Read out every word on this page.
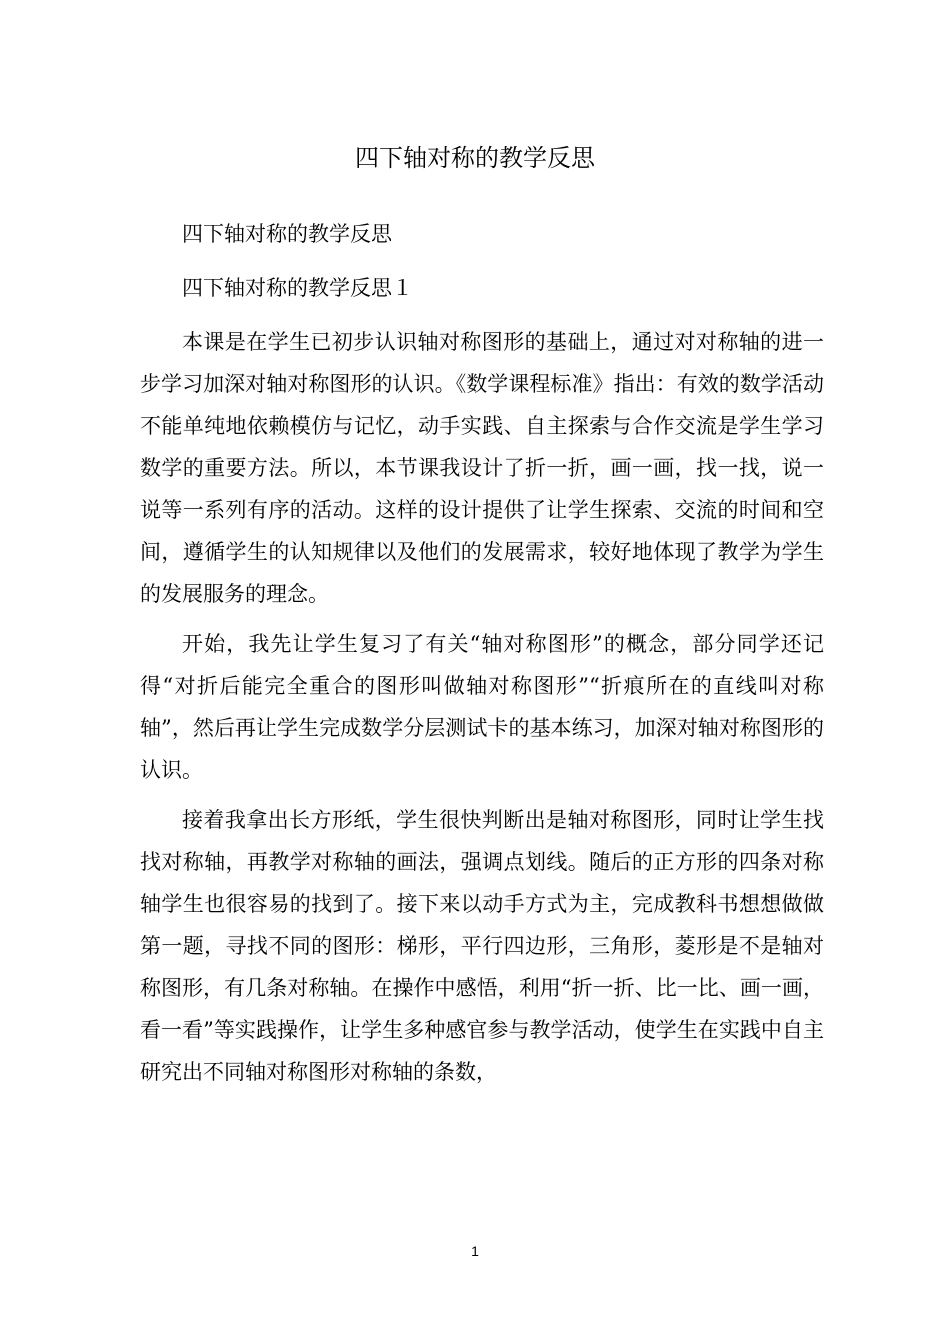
四下轴对称的教学反思

四下轴对称的教学反思

四下轴对称的教学反思１

本课是在学生已初步认识轴对称图形的基础上，通过对对称轴的进一步学习加深对轴对称图形的认识。《数学课程标准》指出：有效的数学活动不能单纯地依赖模仿与记忆，动手实践、自主探索与合作交流是学生学习数学的重要方法。所以，本节课我设计了折一折，画一画，找一找，说一说等一系列有序的活动。这样的设计提供了让学生探索、交流的时间和空间，遵循学生的认知规律以及他们的发展需求，较好地体现了教学为学生的发展服务的理念。

开始，我先让学生复习了有关“轴对称图形”的概念，部分同学还记得“对折后能完全重合的图形叫做轴对称图形”“折痕所在的直线叫对称轴”，然后再让学生完成数学分层测试卡的基本练习，加深对轴对称图形的认识。

接着我拿出长方形纸，学生很快判断出是轴对称图形，同时让学生找找对称轴，再教学对称轴的画法，强调点划线。随后的正方形的四条对称轴学生也很容易的找到了。接下来以动手方式为主，完成教科书想想做做第一题，寻找不同的图形：梯形，平行四边形，三角形，菱形是不是轴对称图形，有几条对称轴。在操作中感悟，利用“折一折、比一比、画一画，看一看”等实践操作，让学生多种感官参与教学活动，使学生在实践中自主研究出不同轴对称图形对称轴的条数，

1
